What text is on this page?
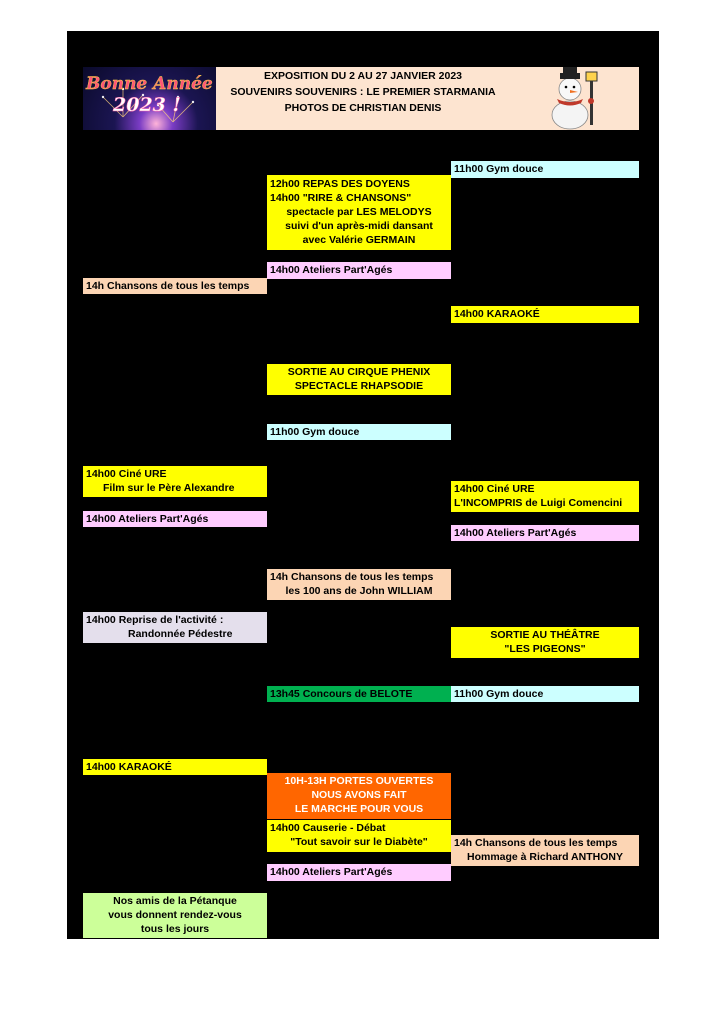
Bonne Année
2023 !
EXPOSITION DU 2 AU 27 JANVIER 2023
SOUVENIRS SOUVENIRS : LE PREMIER STARMANIA
PHOTOS DE CHRISTIAN DENIS
11h00 Gym douce
12h00 REPAS DES DOYENS
14h00 "RIRE & CHANSONS"
spectacle par LES MELODYS
suivi d'un après-midi dansant
avec Valérie GERMAIN
14h00 Ateliers Part'Agés
14h Chansons de tous les temps
14h00 KARAOKÉ
SORTIE AU CIRQUE PHENIX
SPECTACLE RHAPSODIE
11h00 Gym douce
14h00 Ciné URE
Film sur le Père Alexandre	14h00 Ciné URE
L'INCOMPRIS de Luigi Comencini
14h00 Ateliers Part'Agés
14h00 Ateliers Part'Agés
14h Chansons de tous les temps
les 100 ans de John WILLIAM
14h00 Reprise de l'activité :
Randonnée Pédestre	SORTIE AU THÉÂTRE
"LES PIGEONS"
13h45 Concours de BELOTE	11h00 Gym douce
14h00 KARAOKÉ
10H-13H PORTES OUVERTES
NOUS AVONS FAIT
LE MARCHE POUR VOUS
14h00 Causerie - Débat
"Tout savoir sur le Diabète"	14h Chansons de tous les temps
Hommage à Richard ANTHONY
14h00 Ateliers Part'Agés
Nos amis de la Pétanque
vous donnent rendez-vous
tous les jours
